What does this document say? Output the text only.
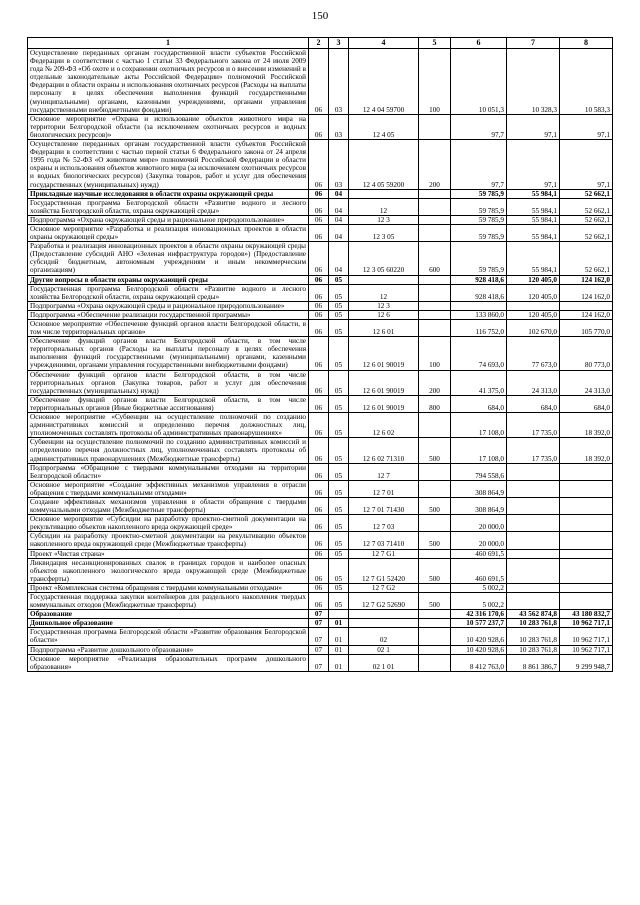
150
1	2	3	4	5	6	7	8
Осуществление переданных органам государственной власти субъектов Российской Федерации в соответствии с частью 1 статьи 33 Федерального закона от 24 июля 2009 года № 209-ФЗ «Об охоте и о сохранении охотничьих ресурсов и о внесении изменений в отдельные законодательные акты Российской Федерации» полномочий Российской Федерации в области охраны и использования охотничьих ресурсов (Расходы на выплаты персоналу в целях обеспечения выполнения функций государственными (муниципальными) органами, казенными учреждениями, органами управления государственными внебюджетными фондами)	06	03	12 4 04 59700	100	10 051,3	10 328,3	10 583,3
Основное мероприятие «Охрана и использование объектов животного мира на территории Белгородской области (за исключением охотничьих ресурсов и водных биологических ресурсов)»	06	03	12 4 05		97,7	97,1	97,1
Осуществление переданных органам государственной власти субъектов Российской Федерации в соответствии с частью первой статьи 6 Федерального закона от 24 апреля 1995 года № 52-ФЗ «О животном мире» полномочий Российской Федерации в области охраны и использования объектов животного мира (за исключением охотничьих ресурсов и водных биологических ресурсов) (Закупка товаров, работ и услуг для обеспечения государственных (муниципальных) нужд)	06	03	12 4 05 59200	200	97,7	97,1	97,1
Прикладные научные исследования в области охраны окружающей среды	06	04			59 785,9	55 984,1	52 662,1
Государственная программа Белгородской области «Развитие водного и лесного хозяйства Белгородской области, охрана окружающей среды»	06	04	12		59 785,9	55 984,1	52 662,1
Подпрограмма «Охрана окружающей среды и рациональное природопользование»	06	04	12 3		59 785,9	55 984,1	52 662,1
Основное мероприятие «Разработка и реализация инновационных проектов в области охраны окружающей среды»	06	04	12 3 05		59 785,9	55 984,1	52 662,1
Разработка и реализация инновационных проектов в области охраны окружающей среды (Предоставление субсидий АНО «Зеленая инфраструктура городов») (Предоставление субсидий бюджетным, автономным учреждениям и иным некоммерческим организациям)	06	04	12 3 05 60220	600	59 785,9	55 984,1	52 662,1
Другие вопросы в области охраны окружающей среды	06	05			928 418,6	120 405,0	124 162,0
Государственная программа Белгородской области «Развитие водного и лесного хозяйства Белгородской области, охрана окружающей среды»	06	05	12		928 418,6	120 405,0	124 162,0
Подпрограмма «Охрана окружающей среды и рациональное природопользование»	06	05	12 3				
Подпрограмма «Обеспечение реализации государственной программы»	06	05	12 6		133 860,0	120 405,0	124 162,0
Основное мероприятие «Обеспечение функций органов власти Белгородской области, в том числе территориальных органов»	06	05	12 6 01		116 752,0	102 670,0	105 770,0
Обеспечение функций органов власти Белгородской области, в том числе территориальных органов (Расходы на выплаты персоналу в целях обеспечения выполнения функций государственными (муниципальными) органами, казенными учреждениями, органами управления государственными внебюджетными фондами)	06	05	12 6 01 90019	100	74 693,0	77 673,0	80 773,0
Обеспечение функций органов власти Белгородской области, в том числе территориальных органов (Закупка товаров, работ и услуг для обеспечения государственных (муниципальных) нужд)	06	05	12 6 01 90019	200	41 375,0	24 313,0	24 313,0
Обеспечение функций органов власти Белгородской области, в том числе территориальных органов (Иные бюджетные ассигнования)	06	05	12 6 01 90019	800	684,0	684,0	684,0
Основное мероприятие «Субвенции на осуществление полномочий по созданию административных комиссий и определению перечня должностных лиц, уполномоченных составлять протоколы об административных правонарушениях»	06	05	12 6 02		17 108,0	17 735,0	18 392,0
Субвенции на осуществление полномочий по созданию административных комиссий и определению перечня должностных лиц, уполномоченных составлять протоколы об административных правонарушениях (Межбюджетные трансферты)	06	05	12 6 02 71310	500	17 108,0	17 735,0	18 392,0
Подпрограмма «Обращение с твердыми коммунальными отходами на территории Белгородской области»	06	05	12 7		794 558,6		
Основное мероприятие «Создание эффективных механизмов управления в отрасли обращения с твердыми коммунальными отходами»	06	05	12 7 01		308 864,9		
Создание эффективных механизмов управления в области обращения с твердыми коммунальными отходами (Межбюджетные трансферты)	06	05	12 7 01 71430	500	308 864,9		
Основное мероприятие «Субсидии на разработку проектно-сметной документации на рекультивацию объектов накопленного вреда окружающей среде»	06	05	12 7 03		20 000,0		
Субсидии на разработку проектно-сметной документации на рекультивацию объектов накопленного вреда окружающей среде (Межбюджетные трансферты)	06	05	12 7 03 71410	500	20 000,0		
Проект «Чистая страна»	06	05	12 7 G1		460 691,5		
Ликвидация несанкционированных свалок в границах городов и наиболее опасных объектов накопленного экологического вреда окружающей среде (Межбюджетные трансферты)	06	05	12 7 G1 52420	500	460 691,5		
Проект «Комплексная система обращения с твердыми коммунальными отходами»	06	05	12 7 G2		5 002,2		
Государственная поддержка закупки контейнеров для раздельного накопления твердых коммунальных отходов (Межбюджетные трансферты)	06	05	12 7 G2 52690	500	5 002,2		
Образование	07				42 316 170,6	43 562 874,8	43 180 832,7
Дошкольное образование	07	01			10 577 237,7	10 283 761,8	10 962 717,1
Государственная программа Белгородской области «Развитие образования Белгородской области»	07	01	02		10 420 928,6	10 283 761,8	10 962 717,1
Подпрограмма «Развитие дошкольного образования»	07	01	02 1		10 420 928,6	10 283 761,8	10 962 717,1
Основное мероприятие «Реализация образовательных программ дошкольного образования»	07	01	02 1 01		8 412 763,0	8 861 386,7	9 299 948,7
